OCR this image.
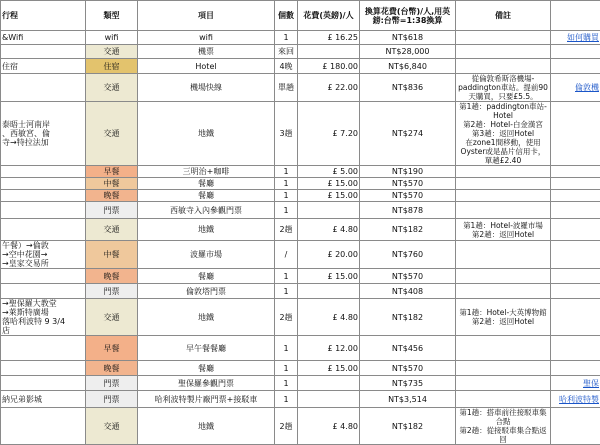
行程	類型	項目	個數	花費(英鎊)/人	換算花費(台幣)/人,用英鎊:台幣=1:38換算	備註	
&Wifi	wifi	wifi	1	£ 16.25	NT$618		如何購買
	交通	機票	來回		NT$28,000		
住宿	住宿	Hotel	4晚	£ 180.00	NT$6,840		
	交通	機場快線	單趟	£ 22.00	NT$836	從倫敦希斯洛機場-paddington車站。提前90天購買，只要£5.5。	倫敦機
泰晤士河南岸
、西敏宮、倫
寺→特拉法加	交通	地鐵	3趟	£ 7.20	NT$274	第1趟：paddington車站-Hotel
第2趟：Hotel-白金漢宮
第3趟：返回Hotel
在zone1間移動，使用Oyster或是晶片信用卡，單趟£2.40	
	早餐	三明治+咖啡	1	£ 5.00	NT$190		
	中餐	餐廳	1	£ 15.00	NT$570		
	晚餐	餐廳	1	£ 15.00	NT$570		
	門票	西敏寺入內參觀門票	1		NT$878		
	交通	地鐵	2趟	£ 4.80	NT$182	第1趟：Hotel-波羅市場
第2趟：返回Hotel	
午餐）→倫敦
→空中花園→
→皇家交易所	中餐	波羅市場	/	£ 20.00	NT$760		
	晚餐	餐廳	1	£ 15.00	NT$570		
	門票	倫敦塔門票	1		NT$408		
→聖保羅大教堂
→萊斯特廣場
落哈利波特 9 3/4
店	交通	地鐵	2趟	£ 4.80	NT$182	第1趟：Hotel-大英博物館
第2趟：返回Hotel	
	早餐	早午餐餐廳	1	£ 12.00	NT$456		
	晚餐	餐廳	1	£ 15.00	NT$570		
	門票	聖保羅參觀門票	1		NT$735		聖保
納兄弟影城	門票	哈利波特製片廠門票+接駁車	1		NT$3,514		哈利波特製
	交通	地鐵	2趟	£ 4.80	NT$182	第1趟：搭車前往接駁車集合點
第2趟：從接駁車集合點返回	
